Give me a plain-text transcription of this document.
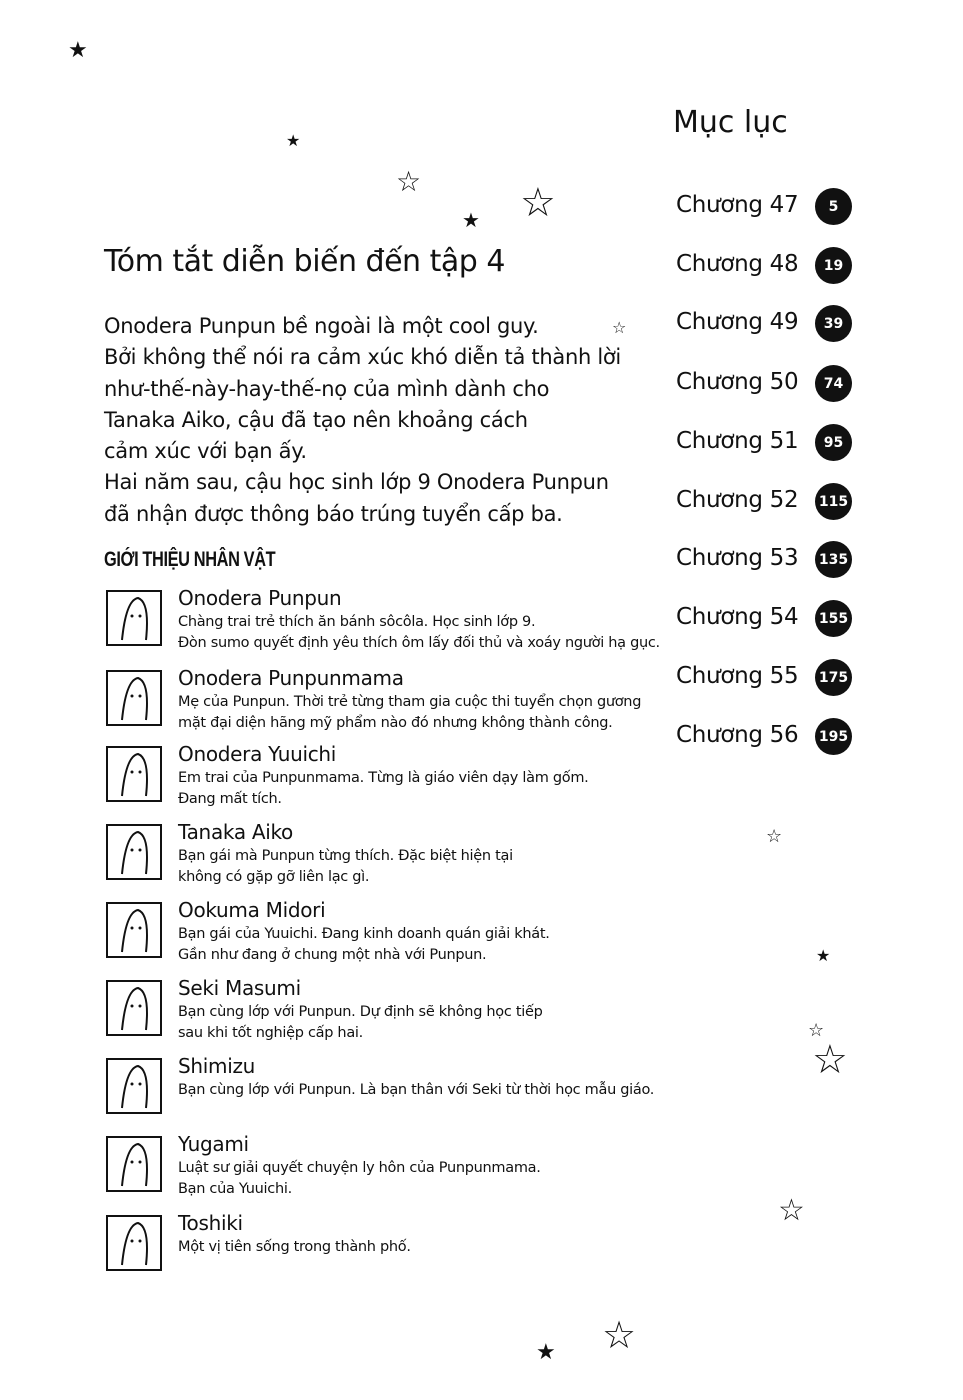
★
★
☆ ☆
★
☆
☆
★
☆
☆
☆
☆
★
Tóm tắt diễn biến đến tập 4
Onodera Punpun bề ngoài là một cool guy.
Bởi không thể nói ra cảm xúc khó diễn tả thành lời
như-thế-này-hay-thế-nọ của mình dành cho
Tanaka Aiko, cậu đã tạo nên khoảng cách
cảm xúc với bạn ấy.
Hai năm sau, cậu học sinh lớp 9 Onodera Punpun
đã nhận được thông báo trúng tuyển cấp ba.
GIỚI THIỆU NHÂN VẬT
Onodera Punpun
Chàng trai trẻ thích ăn bánh sôcôla. Học sinh lớp 9.
Đòn sumo quyết định yêu thích ôm lấy đối thủ và xoáy người hạ gục.
Onodera Punpunmama
Mẹ của Punpun. Thời trẻ từng tham gia cuộc thi tuyển chọn gương
mặt đại diện hãng mỹ phẩm nào đó nhưng không thành công.
Onodera Yuuichi
Em trai của Punpunmama. Từng là giáo viên dạy làm gốm.
Đang mất tích.
Tanaka Aiko
Bạn gái mà Punpun từng thích. Đặc biệt hiện tại
không có gặp gỡ liên lạc gì.
Ookuma Midori
Bạn gái của Yuuichi. Đang kinh doanh quán giải khát.
Gần như đang ở chung một nhà với Punpun.
Seki Masumi
Bạn cùng lớp với Punpun. Dự định sẽ không học tiếp
sau khi tốt nghiệp cấp hai.
Shimizu
Bạn cùng lớp với Punpun. Là bạn thân với Seki từ thời học mẫu giáo.
Yugami
Luật sư giải quyết chuyện ly hôn của Punpunmama.
Bạn của Yuuichi.
Toshiki
Một vị tiên sống trong thành phố.
Mục lục
Chương 47	5
Chương 48	19
Chương 49	39
Chương 50	74
Chương 51	95
Chương 52 115
Chương 53 135
Chương 54 155
Chương 55 175
Chương 56 195
